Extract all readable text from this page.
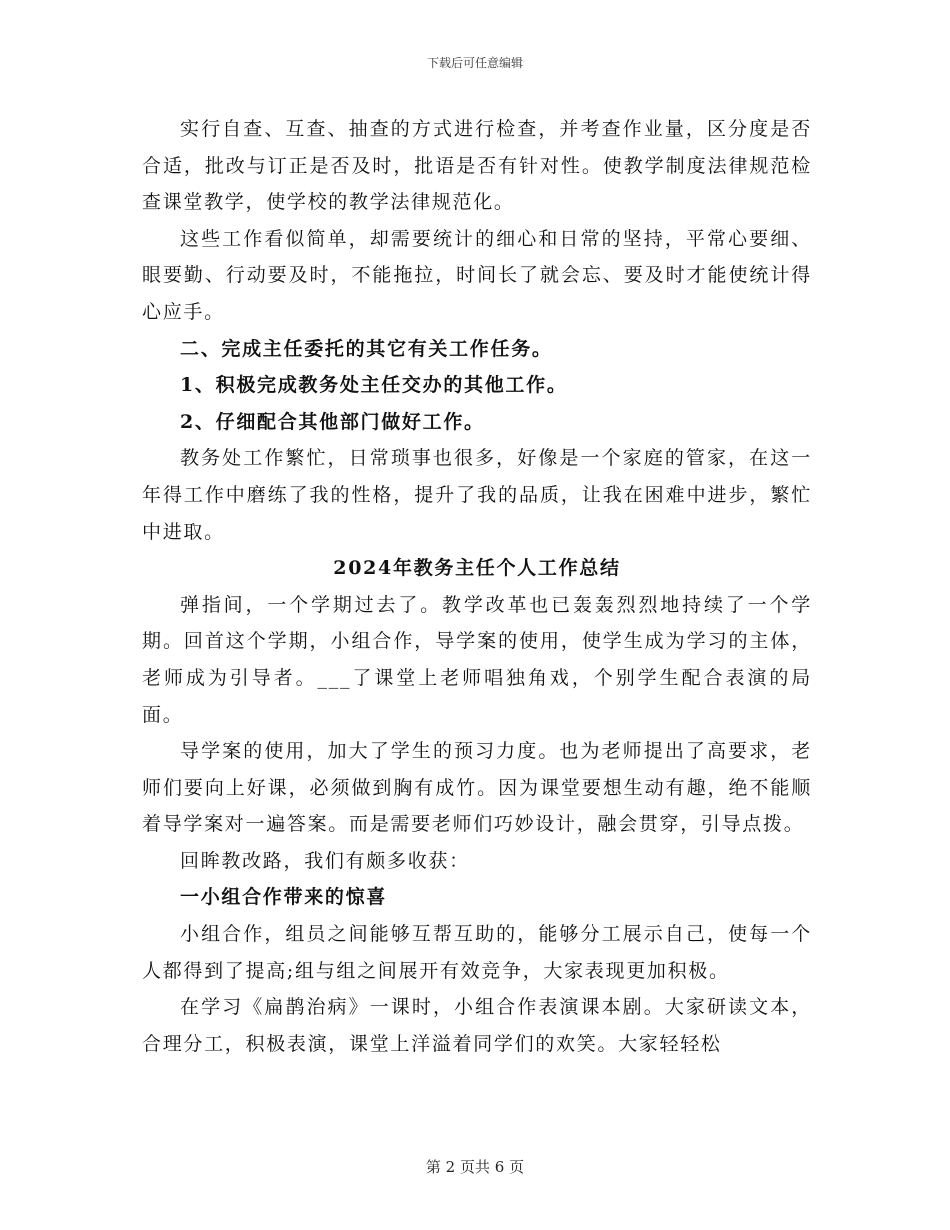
下载后可任意编辑

实行自查、互查、抽查的方式进行检查，并考查作业量，区分度是否合适，批改与订正是否及时，批语是否有针对性。使教学制度法律规范检查课堂教学，使学校的教学法律规范化。

这些工作看似简单，却需要统计的细心和日常的坚持，平常心要细、眼要勤、行动要及时，不能拖拉，时间长了就会忘、要及时才能使统计得心应手。

二、完成主任委托的其它有关工作任务。

1、积极完成教务处主任交办的其他工作。

2、仔细配合其他部门做好工作。

教务处工作繁忙，日常琐事也很多，好像是一个家庭的管家，在这一年得工作中磨练了我的性格，提升了我的品质，让我在困难中进步，繁忙中进取。

2024年教务主任个人工作总结

弹指间，一个学期过去了。教学改革也已轰轰烈烈地持续了一个学期。回首这个学期，小组合作，导学案的使用，使学生成为学习的主体，老师成为引导者。___了课堂上老师唱独角戏，个别学生配合表演的局面。

导学案的使用，加大了学生的预习力度。也为老师提出了高要求，老师们要向上好课，必须做到胸有成竹。因为课堂要想生动有趣，绝不能顺着导学案对一遍答案。而是需要老师们巧妙设计，融会贯穿，引导点拨。

回眸教改路，我们有颇多收获：

一小组合作带来的惊喜

小组合作，组员之间能够互帮互助的，能够分工展示自己，使每一个人都得到了提高;组与组之间展开有效竞争，大家表现更加积极。

在学习《扁鹊治病》一课时，小组合作表演课本剧。大家研读文本，合理分工，积极表演，课堂上洋溢着同学们的欢笑。大家轻轻松

第 2 页共 6 页
